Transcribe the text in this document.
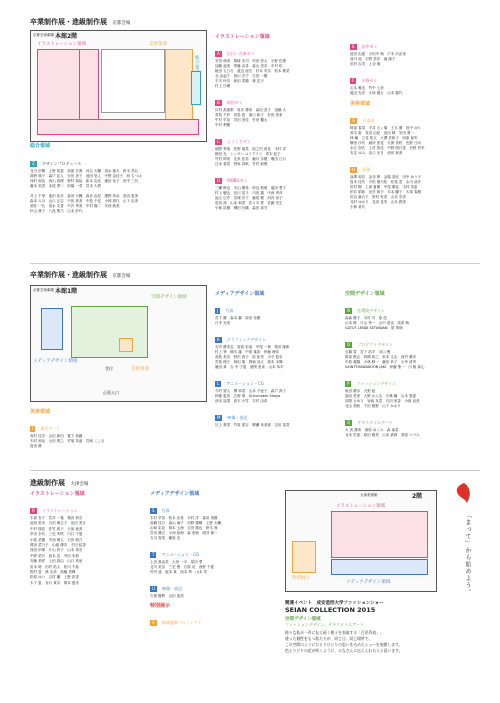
卒業制作展・進級制作展 京都会場
京都芸術劇場 本館2階
イラストレーション領域	美術領域
総合領
総合領域
Z デザインプロデュース
北川 紗輝　上野 知恵　高坂 宏典　河合 大輔　清水 雄大　鈴木 昌弘
真野 瑛子　森戸 祐人　安田 美子　池田 悠人　中野 由佳子　西 ちつは
西村 和也　西山 真理　野村 和起　新本 由佳　細田 祐子　田中 三代
藤本 美香　本尾 勇二　的場 一菜　宮本 大貴　

井上 千里　池田 佳奈　森田 大輔　森谷 由紀　猪野 恭治　高田 恵美
森本 みほ　山口 正志　中田 真美　中島 千佳　小林 真代　山下 由美
酒井 一弘　清水 友香　中沢 秀美　中村 隆二　安西 新美　
杉山 典子　八島 聖乃　山本 紗代
イラストレーション領域
A 山口・吉本ゼミ
安田 萌香　岡﨑 光司　村田 淳太　小野 佐理
加藤 亜美　齊藤 由希　森山 美奈　中村 佑
植田 ちひろ　渡辺 亜矢　杉本 実奈　松本 稚菜
北 由起子　西川 宏子　古田 一樹　
平木 怜奈　和田 菜穂　林 花子　
村上 沙理
B 岡田ゼミ
川村 美那都　原多 優希　森田 香子　須藤 大
青島 千紗　田島 悠　坂口 和子　杉田 美希
牛村 早苗　宮田 美佳　竹田 楓太
中村 利樹
C ようこそゼミ
朝野 葵哉　松野 葉菜　池之内 莉花　木村 洋
楢田 光　シンダハ ユミアイコ　青木 紀子　
竹村 伸美　北条 佳苗　藤川 奈穂　亀田 日月
日本 春菜　野原 真帆　竹村 和俊
D MOBUゼミ
三瀬 修也　木山 優希　仲良 秋明　堀田 愛子
村上 駿也　北川 星斗　川田 蓮　中西 秀彦
福元 広介　宮城 洋子　藤尾 樹　河内 裕子
島田 茜　山本 和香　佐々木 愛　佐藤 光生
小林 祐樹　柳田 沙織　森田 真守
E 田中ゼミ
池田 由夏　小田中 萌　戸木 沙由里
前川 純　石野 美奈　堀 絢子
田村 吉央　上谷 萌　
F 小野ゼミ
山本 雅也　竹中 七美
渡辺 光洋　大塚 健太　山本 健代
美術領域
G 日本画
阿部 春菜　今井 さく葉　土木 優　田中 ゆり
高木 恵　長田 由紀　浅田 晴　安田 勇一
林 瞳　立花 佑衣　大澤 佐和子　西原 亜実
横田 沙代　細河 里花　久保 美咲　佐野 日向
水江 加代　上村 知佳　中野 明日香　矢野 哲実
安定 ゆみ　北口 まき　西田 和美
H 洋画
前澤 和奈　金谷 夢　金場 喜紀　田中 ゆう子
島本 佳代　平松 環乃佑　松島 豊　水川 涼介
田村 樹　上坂 夏樹　中尾 優花　木村 英恵
松井 昭和　北村 莉子　木本 蘭子　大塚 春樹
田辺 麻衣子　笹村 有香　山本 奈美
北村 ゆかり　花田 花実　山本 鉄美
小林 希代
卒業制作展・進級制作展 京都会場
京都芸術劇場 本館1階
空間デザイン領域
受付	美術領域
メディアデザイン領域
正面入口
美術領域
I 現代アート
高村 佳奈　山田 新田　寛下 拓藤
木村 和也　太田 貴之　竹葉 英南　宮崎 こころ
島田 優
メディアデザイン領域
J 写真
宮下 慶　森本 翼　原田 祐樹
日寺 光希
K グラフィックデザイン
石内 優実也　原島 彩加　中尾 一貴　桜田 隆彰
村上 葵　楠木 蓮　中尾 葉希　伊藤 理帝
高島 美奈　野沢 真子　原 佑美　小平 悠奈
宮島 理子　林田 翔　野崎 詩太　奥本 未輝
藤田 真　吉 中 宁恵　徳岡 里来　山本 恭平
L アニメーション・CG
今村 望人　柳 恭菜　山本 千絵子　森戸 真子
伊藤 恵美　広野 翠　Schumaker Shayo
西本 詩果　高木 小雪　木村 由希
M 映像・放送
川上 貴男　竹原 建吉　柳瀬 来美那　吉田 春香
空間デザイン領域
N 住環境デザイン
森森 優子　木村 巧　原 紀
山本 修　片山 秀一　山中 達也　高倉 萌
GATUT LENDI SETIAWAN　尾 寧朗
O プロダクトデザイン
石橋 豊　宮下 浩平　谷口 俊
阿部 鉄志　四間 和之　松本 文志　西村 優彦
中原 葉陽　小林 修一　藤田 恭子　太宰 清秀
SAINTTHAWAKOON JAKI　伊藤 聖一　川 敏 真心
P ファッションデザイン
坂田 優奈　大野 絵
福田 美里　大野 かんな　小林 瞳　山本 梨恵
四岡 さゆり　岩崎 友菜　石田 里香　小坂 直美
北山 美帆　千田 雄野　山下 かおり
Q テキスタイルアート
大 美 優希　桑原 めぐみ　森 南菜
北本 史恵　原田 雅美　山本 真莉　茶屋 つづみ
進級制作展 大津会場
イラストレーション領域
R イラストレーション
木曽 杏子　宮井 一葉　築田 莉奈
池田 美央　石田 萌圭子　花田 美月
中村 瑞花　佐竹 莉子　大前 亜美
岸田 奈代　三宅 実咲　川口 千夏
小島 菜穂　中西 理人　石田 萌乃
岡田 菜乃子　山坂 優奈　千田 結香
西田 紗耶　片山 祥子　山本 茉奈
中野 菜代　西本 晃　寺田 朱莉
安藤 美咲　上田 真由　山口 美里
岩本 萌　田村 佑太　松川 千晶
野村 香　林 友美　高橋 美輝
松原 ゆい　吉村 蘭　上野 彩香
木下 恵　谷口 真奈　岡本 夏実
メディアデザイン領域
S 写真
木村 早苗　松本 光希　木村 洋　森田 美樹
高橋 佳月　森山 麻子　河野 優樹　上野 大輔
山崎 彩花　岡本 七海　吉田 勝也　鈴木 茜
宮田 優衣　小西 拓海　森 里帆　酒井 雄一
石川 智美　藤原 光
T アニメーション・CG
上田 真由美　大田 一平　原田 愛
北川 美奈　三宅 俊　石原 花　西野 千夏
竹内 遥　坂本 真　西本 葵　山本 茂
U 映像・放送
久保 勝利　山田 恵美
特別展示
V 地域連携プロジェクト
大津美術館	2階
イラストレーション領域
特別展示
メディアデザイン領域
関連イベント　成安造形大学ファッションショー
SEIAN COLLECTION 2015
空間デザイン領域
ファッションデザイン、テキスタイルアート
様々な私が一斉に伝え続く様子を表現する「百花斉放」。
違った個性をもつ私たちが、同じ日、同じ場所で、
この空間のようにひとりひとりの思いを込めたショーを展開します。
色とりどりの花が咲くように、みなさんに伝えられたらと思います。
「まって」から始めよう。
